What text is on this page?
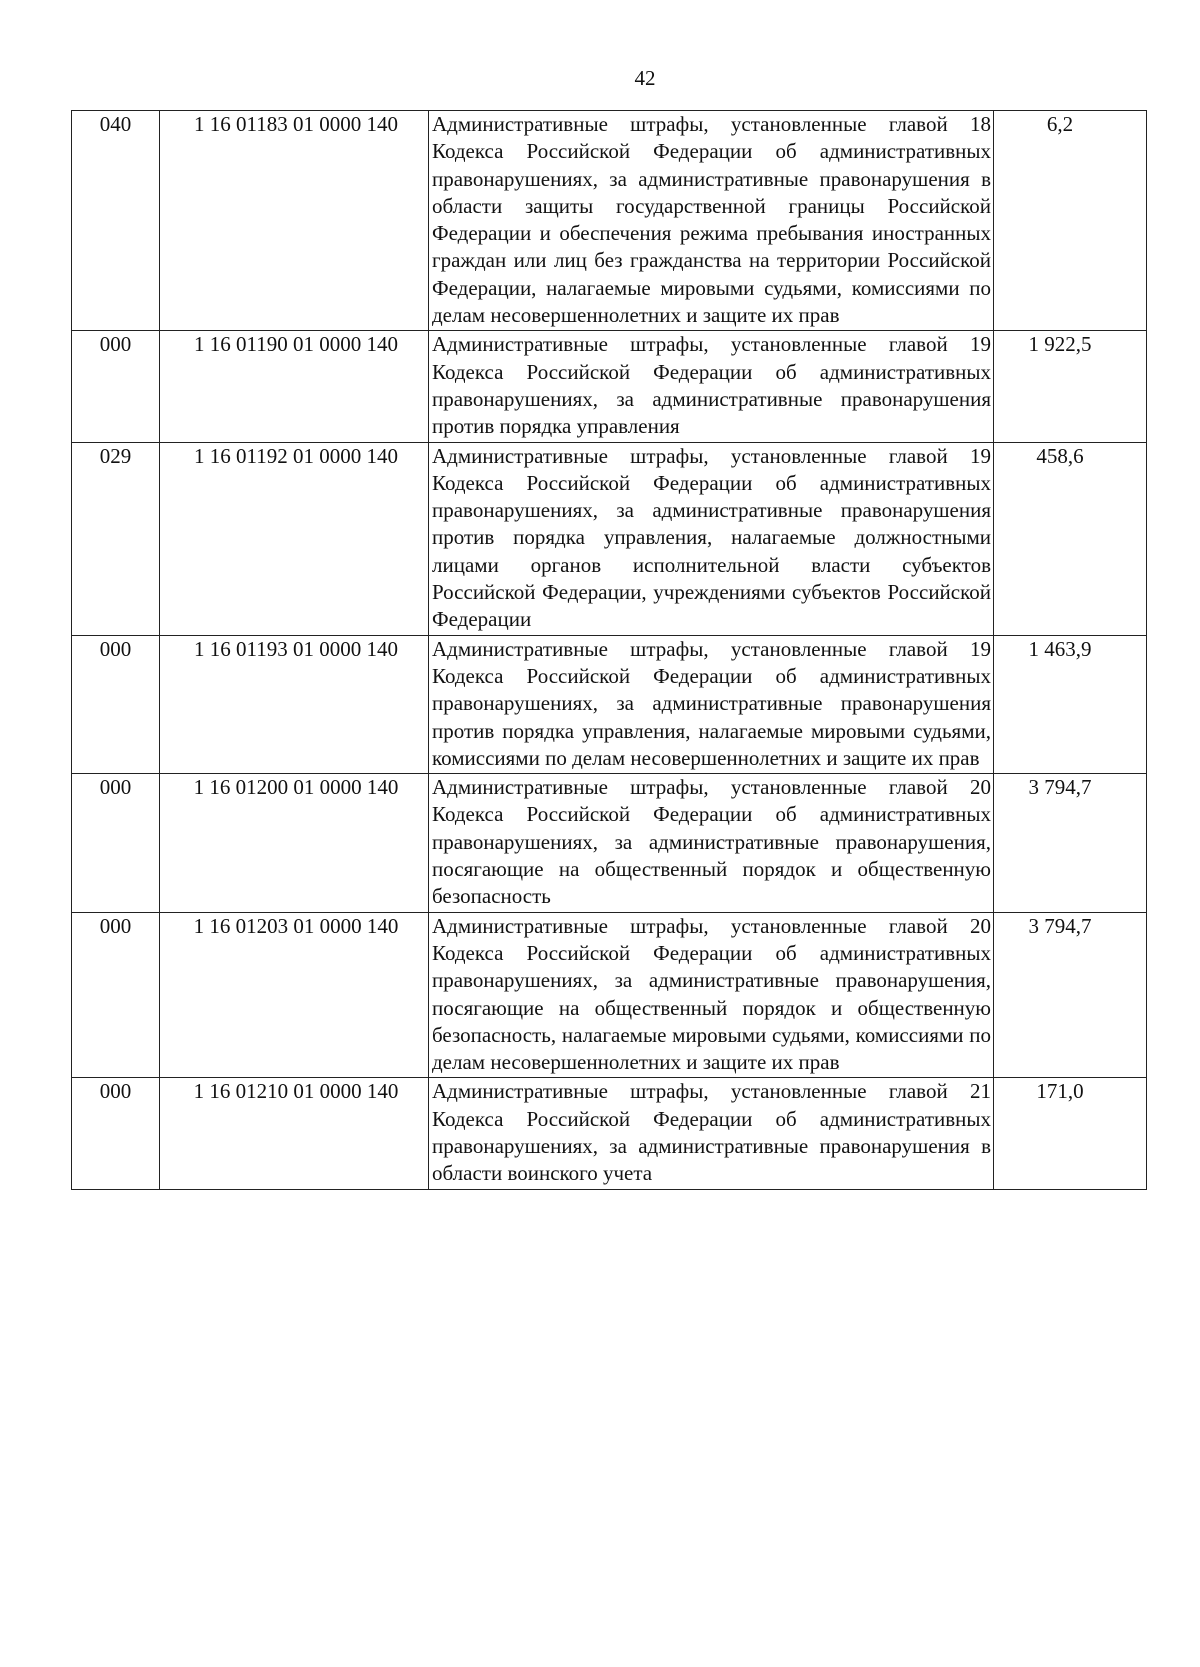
42
040	1 16 01183 01 0000 140	Административные штрафы, установленные главой 18 Кодекса Российской Федерации об административных правонарушениях, за административные правонарушения в области защиты государственной границы Российской Федерации и обеспечения режима пребывания иностранных граждан или лиц без гражданства на территории Российской Федерации, налагаемые мировыми судьями, комиссиями по делам несовершеннолетних и защите их прав	6,2

000	1 16 01190 01 0000 140	Административные штрафы, установленные главой 19 Кодекса Российской Федерации об административных правонарушениях, за административные правонарушения против порядка управления	1 922,5

029	1 16 01192 01 0000 140	Административные штрафы, установленные главой 19 Кодекса Российской Федерации об административных правонарушениях, за административные правонарушения против порядка управления, налагаемые должностными лицами органов исполнительной власти субъектов Российской Федерации, учреждениями субъектов Российской Федерации	458,6

000	1 16 01193 01 0000 140	Административные штрафы, установленные главой 19 Кодекса Российской Федерации об административных правонарушениях, за административные правонарушения против порядка управления, налагаемые мировыми судьями, комиссиями по делам несовершеннолетних и защите их прав	1 463,9

000	1 16 01200 01 0000 140	Административные штрафы, установленные главой 20 Кодекса Российской Федерации об административных правонарушениях, за административные правонарушения, посягающие на общественный порядок и общественную безопасность	3 794,7

000	1 16 01203 01 0000 140	Административные штрафы, установленные главой 20 Кодекса Российской Федерации об административных правонарушениях, за административные правонарушения, посягающие на общественный порядок и общественную безопасность, налагаемые мировыми судьями, комиссиями по делам несовершеннолетних и защите их прав	3 794,7

000	1 16 01210 01 0000 140	Административные штрафы, установленные главой 21 Кодекса Российской Федерации об административных правонарушениях, за административные правонарушения в области воинского учета	171,0
